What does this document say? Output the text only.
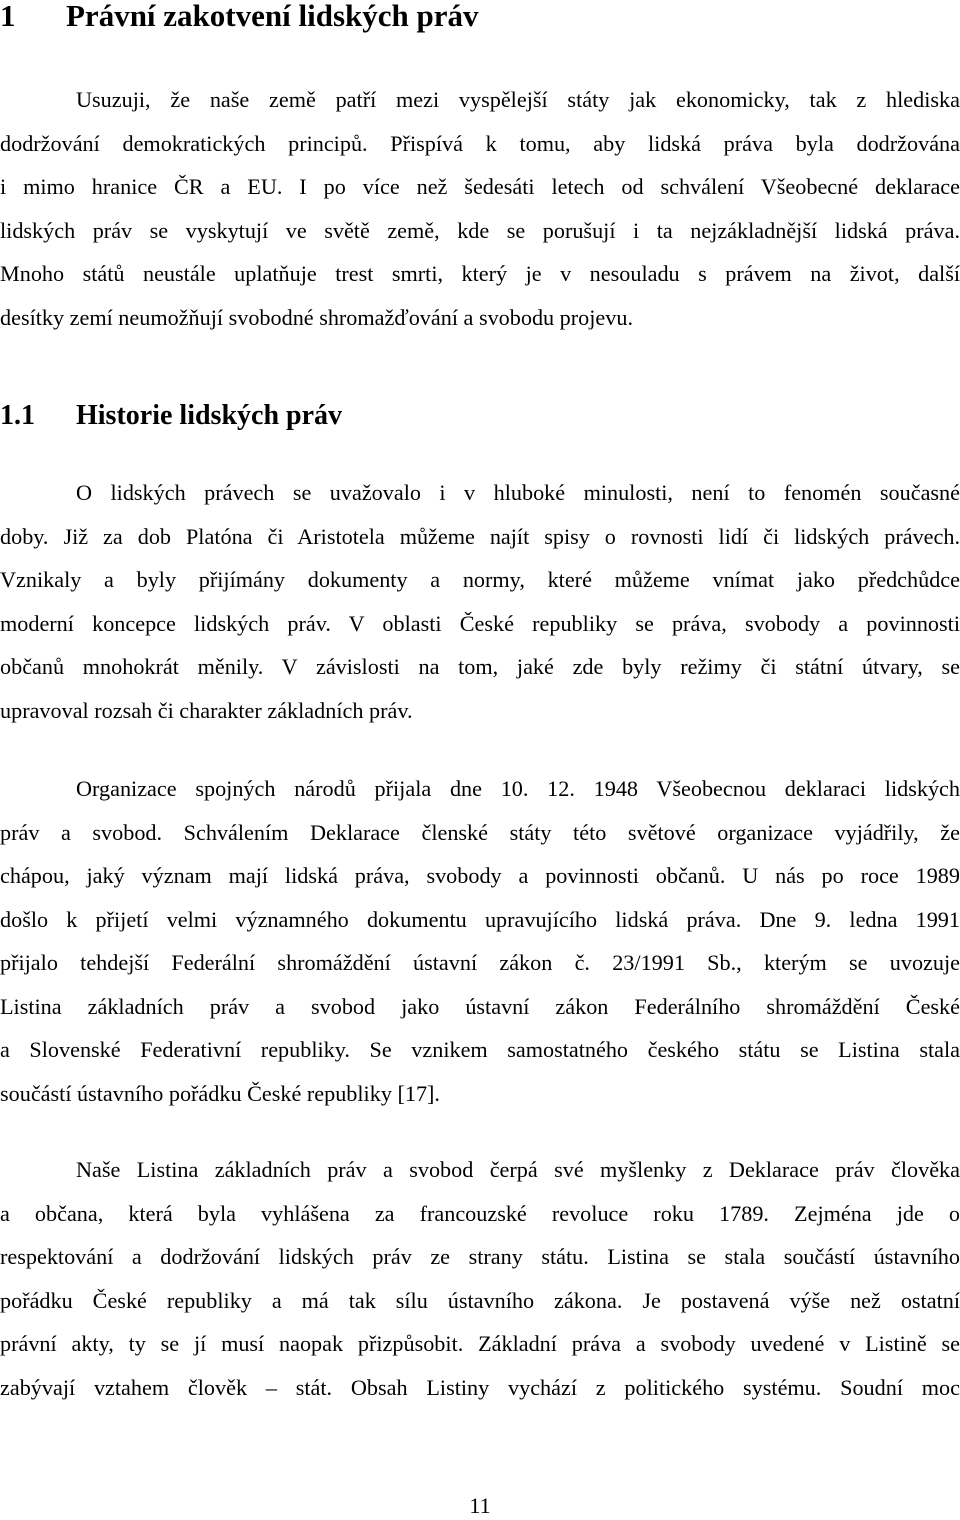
1 Právní zakotvení lidských práv
Usuzuji, že naše země patří mezi vyspělejší státy jak ekonomicky, tak z hlediska
dodržování demokratických principů. Přispívá k tomu, aby lidská práva byla dodržována
i mimo hranice ČR a EU. I po více než šedesáti letech od schválení Všeobecné deklarace
lidských práv se vyskytují ve světě země, kde se porušují i ta nejzákladnější lidská práva.
Mnoho států neustále uplatňuje trest smrti, který je v nesouladu s právem na život, další
desítky zemí neumožňují svobodné shromažďování a svobodu projevu.
1.1 Historie lidských práv
O lidských právech se uvažovalo i v hluboké minulosti, není to fenomén současné
doby. Již za dob Platóna či Aristotela můžeme najít spisy o rovnosti lidí či lidských právech.
Vznikaly a byly přijímány dokumenty a normy, které můžeme vnímat jako předchůdce
moderní koncepce lidských práv. V oblasti České republiky se práva, svobody a povinnosti
občanů mnohokrát měnily. V závislosti na tom, jaké zde byly režimy či státní útvary, se
upravoval rozsah či charakter základních práv.
Organizace spojných národů přijala dne 10. 12. 1948 Všeobecnou deklaraci lidských
práv a svobod. Schválením Deklarace členské státy této světové organizace vyjádřily, že
chápou, jaký význam mají lidská práva, svobody a povinnosti občanů. U nás po roce 1989
došlo k přijetí velmi významného dokumentu upravujícího lidská práva. Dne 9. ledna 1991
přijalo tehdejší Federální shromáždění ústavní zákon č. 23/1991 Sb., kterým se uvozuje
Listina základních práv a svobod jako ústavní zákon Federálního shromáždění České
a Slovenské Federativní republiky. Se vznikem samostatného českého státu se Listina stala
součástí ústavního pořádku České republiky [17].
Naše Listina základních práv a svobod čerpá své myšlenky z Deklarace práv člověka
a občana, která byla vyhlášena za francouzské revoluce roku 1789. Zejména jde o
respektování a dodržování lidských práv ze strany státu. Listina se stala součástí ústavního
pořádku České republiky a má tak sílu ústavního zákona. Je postavená výše než ostatní
právní akty, ty se jí musí naopak přizpůsobit. Základní práva a svobody uvedené v Listině se
zabývají vztahem člověk – stát. Obsah Listiny vychází z politického systému. Soudní moc

11
